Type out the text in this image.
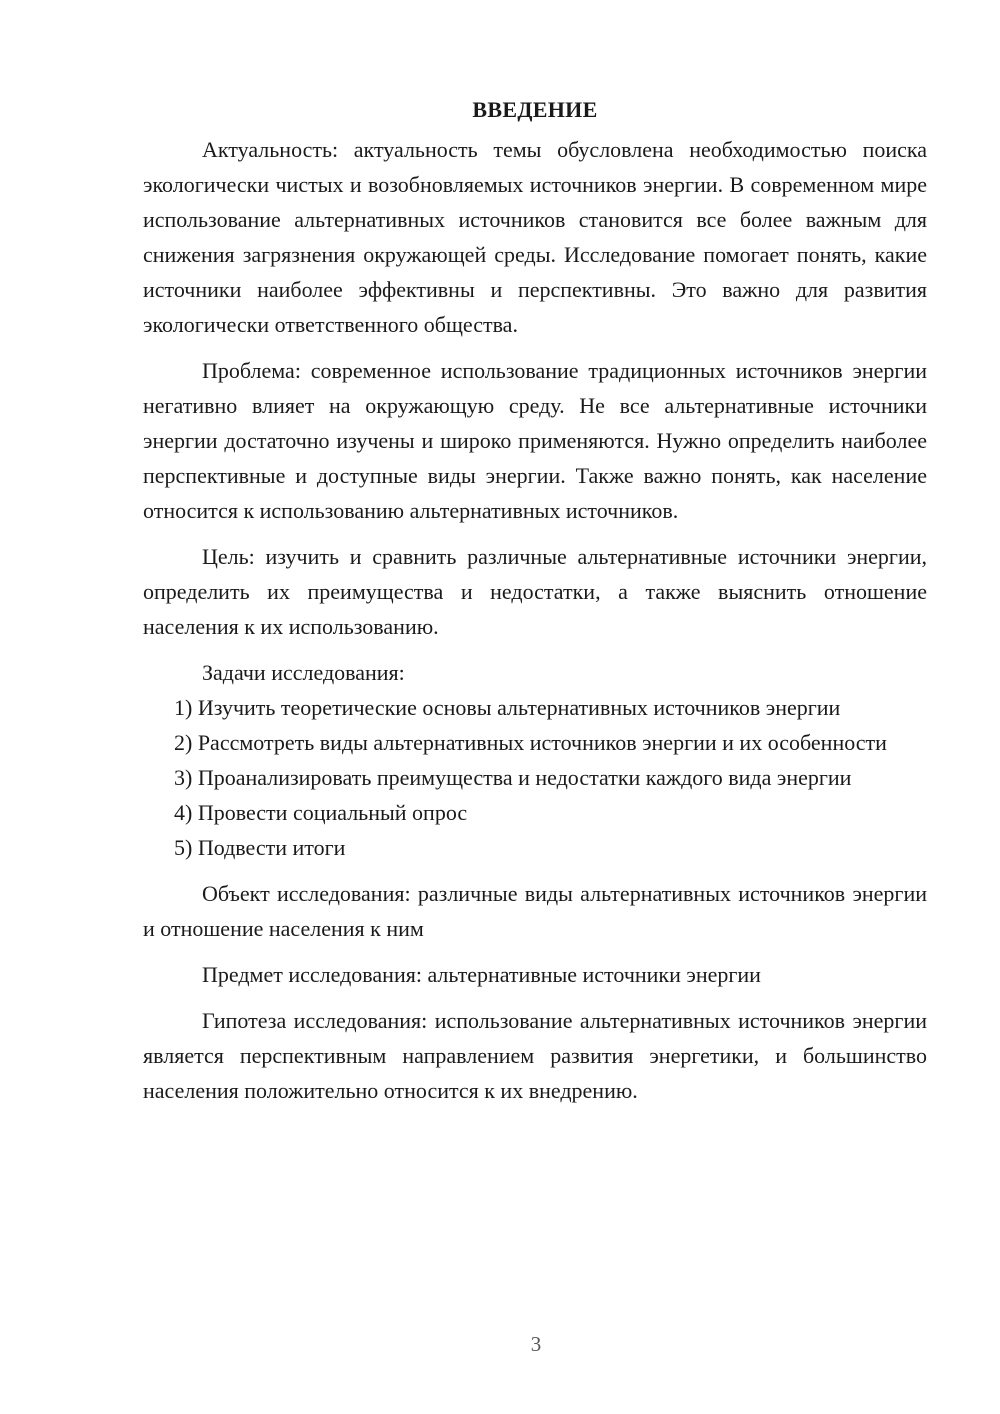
ВВЕДЕНИЕ

Актуальность: актуальность темы обусловлена необходимостью поиска экологически чистых и возобновляемых источников энергии. В современном мире использование альтернативных источников становится все более важным для снижения загрязнения окружающей среды. Исследование помогает понять, какие источники наиболее эффективны и перспективны. Это важно для развития экологически ответственного общества.

Проблема: современное использование традиционных источников энергии негативно влияет на окружающую среду. Не все альтернативные источники энергии достаточно изучены и широко применяются. Нужно определить наиболее перспективные и доступные виды энергии. Также важно понять, как население относится к использованию альтернативных источников.

Цель: изучить и сравнить различные альтернативные источники энергии, определить их преимущества и недостатки, а также выяснить отношение населения к их использованию.

Задачи исследования:

1) Изучить теоретические основы альтернативных источников энергии

2) Рассмотреть виды альтернативных источников энергии и их особенности

3) Проанализировать преимущества и недостатки каждого вида энергии

4) Провести социальный опрос

5) Подвести итоги

Объект исследования: различные виды альтернативных источников энергии и отношение населения к ним

Предмет исследования: альтернативные источники энергии

Гипотеза исследования: использование альтернативных источников энергии является перспективным направлением развития энергетики, и большинство населения положительно относится к их внедрению.

3
